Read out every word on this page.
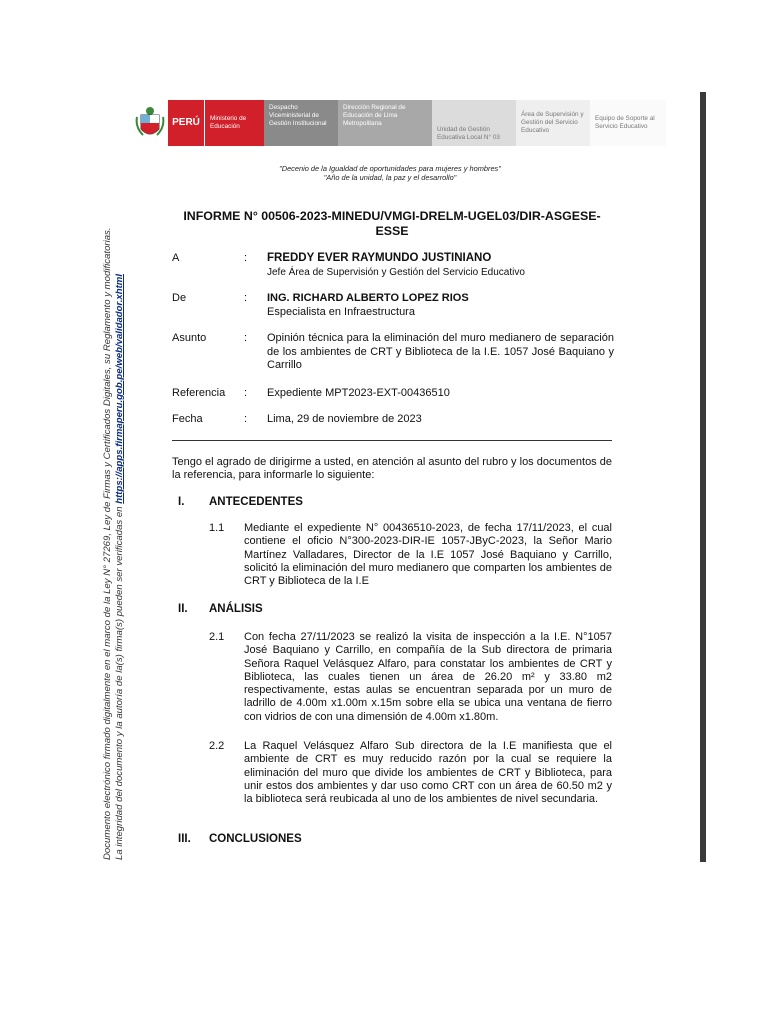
PERÚ	Ministerio de Educación
Despacho Viceministerial de Gestión Institucional
Dirección Regional de Educación de Lima Metropolitana
Unidad de Gestión Educativa Local N° 03
Área de Supervisión y Gestión del Servicio Educativo
Equipo de Soporte al Servicio Educativo
Documento electrónico firmado digitalmente en el marco de la Ley N° 27269, Ley de Firmas y Certificados Digitales, su Reglamento y modificatorias. La integridad del documento y la autoría de la(s) firma(s) pueden ser verificadas en https://apps.firmaperu.gob.pe/web/validador.xhtml
"Decenio de la Igualdad de oportunidades para mujeres y hombres"
"Año de la unidad, la paz y el desarrollo"
INFORME N° 00506-2023-MINEDU/VMGI-DRELM-UGEL03/DIR-ASGESE-ESSE
A	: FREDDY EVER RAYMUNDO JUSTINIANO
Jefe Área de Supervisión y Gestión del Servicio Educativo
De	: ING. RICHARD ALBERTO LOPEZ RIOS
Especialista en Infraestructura
Asunto	: Opinión técnica para la eliminación del muro medianero de separación de los ambientes de CRT y Biblioteca de la I.E. 1057 José Baquiano y Carrillo
Referencia : Expediente MPT2023-EXT-00436510
Fecha	: Lima, 29 de noviembre de 2023
Tengo el agrado de dirigirme a usted, en atención al asunto del rubro y los documentos de la referencia, para informarle lo siguiente:
I. ANTECEDENTES
1.1 Mediante el expediente N° 00436510-2023, de fecha 17/11/2023, el cual contiene el oficio N°300-2023-DIR-IE 1057-JByC-2023, la Señor Mario Martínez Valladares, Director de la I.E 1057 José Baquiano y Carrillo, solicitó la eliminación del muro medianero que comparten los ambientes de CRT y Biblioteca de la I.E
II. ANÁLISIS
2.1 Con fecha 27/11/2023 se realizó la visita de inspección a la I.E. N°1057 José Baquiano y Carrillo, en compañía de la Sub directora de primaria Señora Raquel Velásquez Alfaro, para constatar los ambientes de CRT y Biblioteca, las cuales tienen un área de 26.20 m² y 33.80 m2 respectivamente, estas aulas se encuentran separada por un muro de ladrillo de 4.00m x1.00m x.15m sobre ella se ubica una ventana de fierro con vidrios de con una dimensión de 4.00m x1.80m.
2.2 La Raquel Velásquez Alfaro Sub directora de la I.E manifiesta que el ambiente de CRT es muy reducido razón por la cual se requiere la eliminación del muro que divide los ambientes de CRT y Biblioteca, para unir estos dos ambientes y dar uso como CRT con un área de 60.50 m2 y la biblioteca será reubicada al uno de los ambientes de nivel secundaria.
III. CONCLUSIONES
